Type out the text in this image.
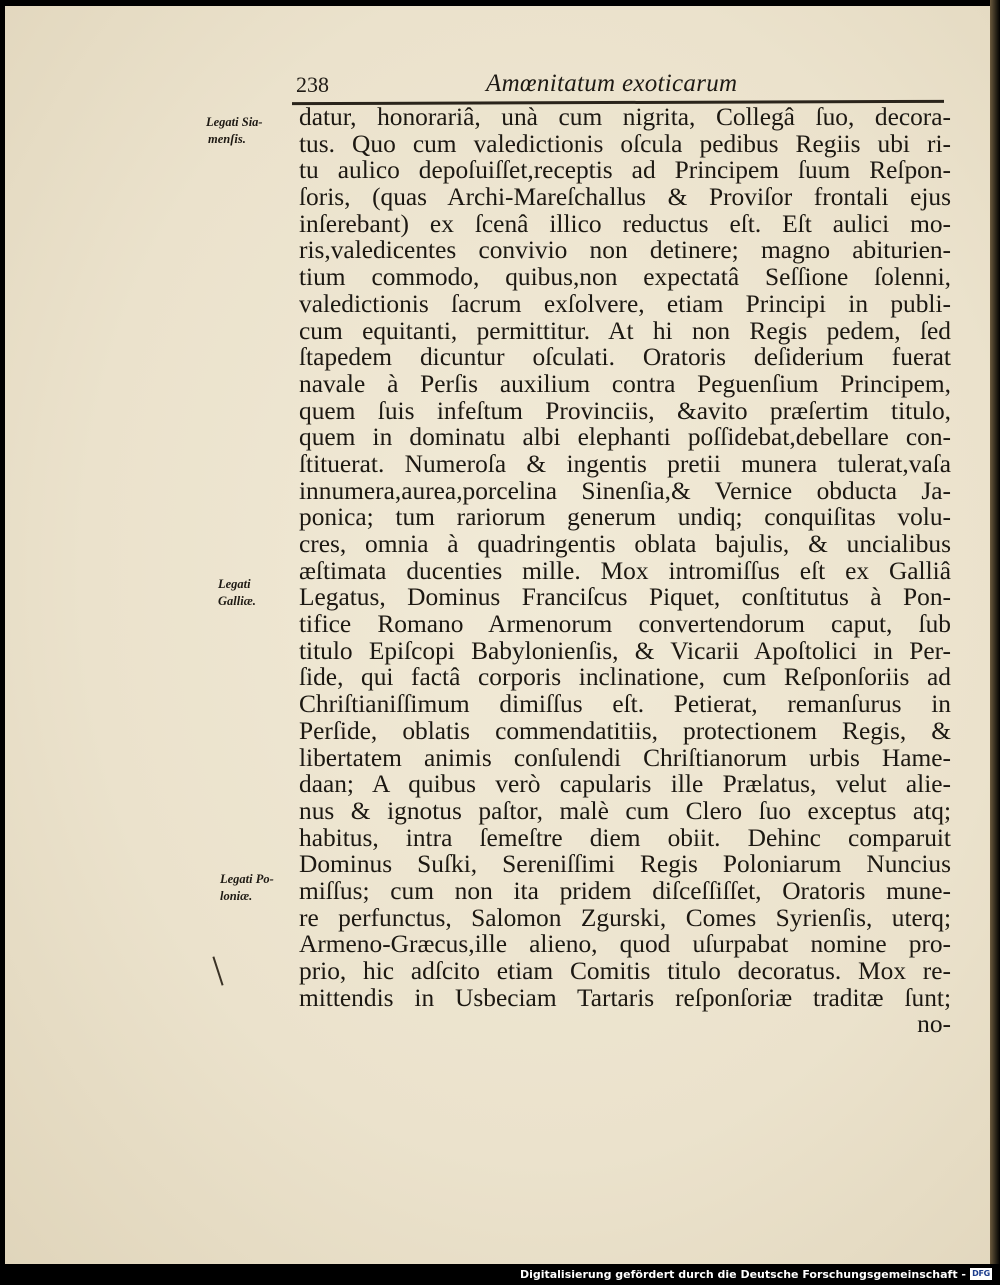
238	Amœnitatum exoticarum
Legati Sia-
menſis.
Legati
Galliæ.
Legati Po-
loniæ.
datur, honorariâ, unà cum nigrita, Collegâ ſuo, decora-
tus. Quo cum valedictionis oſcula pedibus Regiis ubi ri-
tu aulico depoſuiſſet,receptis ad Principem ſuum Reſpon-
ſoris, (quas Archi-Mareſchallus & Proviſor frontali ejus
inſerebant) ex ſcenâ illico reductus eſt. Eſt aulici mo-
ris,valedicentes convivio non detinere; magno abiturien-
tium commodo, quibus,non expectatâ Seſſione ſolenni,
valedictionis ſacrum exſolvere, etiam Principi in publi-
cum equitanti, permittitur. At hi non Regis pedem, ſed
ſtapedem dicuntur oſculati. Oratoris deſiderium fuerat
navale à Perſis auxilium contra Peguenſium Principem,
quem ſuis infeſtum Provinciis, &avito præſertim titulo,
quem in dominatu albi elephanti poſſidebat,debellare con-
ſtituerat. Numeroſa & ingentis pretii munera tulerat,vaſa
innumera,aurea,porcelina Sinenſia,& Vernice obducta Ja-
ponica; tum rariorum generum undiq; conquiſitas volu-
cres, omnia à quadringentis oblata bajulis, & uncialibus
æſtimata ducenties mille. Mox intromiſſus eſt ex Galliâ
Legatus, Dominus Franciſcus Piquet, conſtitutus à Pon-
tifice Romano Armenorum convertendorum caput, ſub
titulo Epiſcopi Babylonienſis, & Vicarii Apoſtolici in Per-
ſide, qui factâ corporis inclinatione, cum Reſponſoriis ad
Chriſtianiſſimum dimiſſus eſt. Petierat, remanſurus in
Perſide, oblatis commendatitiis, protectionem Regis, &
libertatem animis conſulendi Chriſtianorum urbis Hame-
daan; A quibus verò capularis ille Prælatus, velut alie-
nus & ignotus paſtor, malè cum Clero ſuo exceptus atq;
habitus, intra ſemeſtre diem obiit. Dehinc comparuit
Dominus Suſki, Sereniſſimi Regis Poloniarum Nuncius
miſſus; cum non ita pridem diſceſſiſſet, Oratoris mune-
re perfunctus, Salomon Zgurski, Comes Syrienſis, uterq;
Armeno-Græcus,ille alieno, quod uſurpabat nomine pro-
prio, hic adſcito etiam Comitis titulo decoratus. Mox re-
mittendis in Usbeciam Tartaris reſponſoriæ traditæ ſunt;
no-
Digitalisierung gefördert durch die Deutsche Forschungsgemeinschaft - DFG
